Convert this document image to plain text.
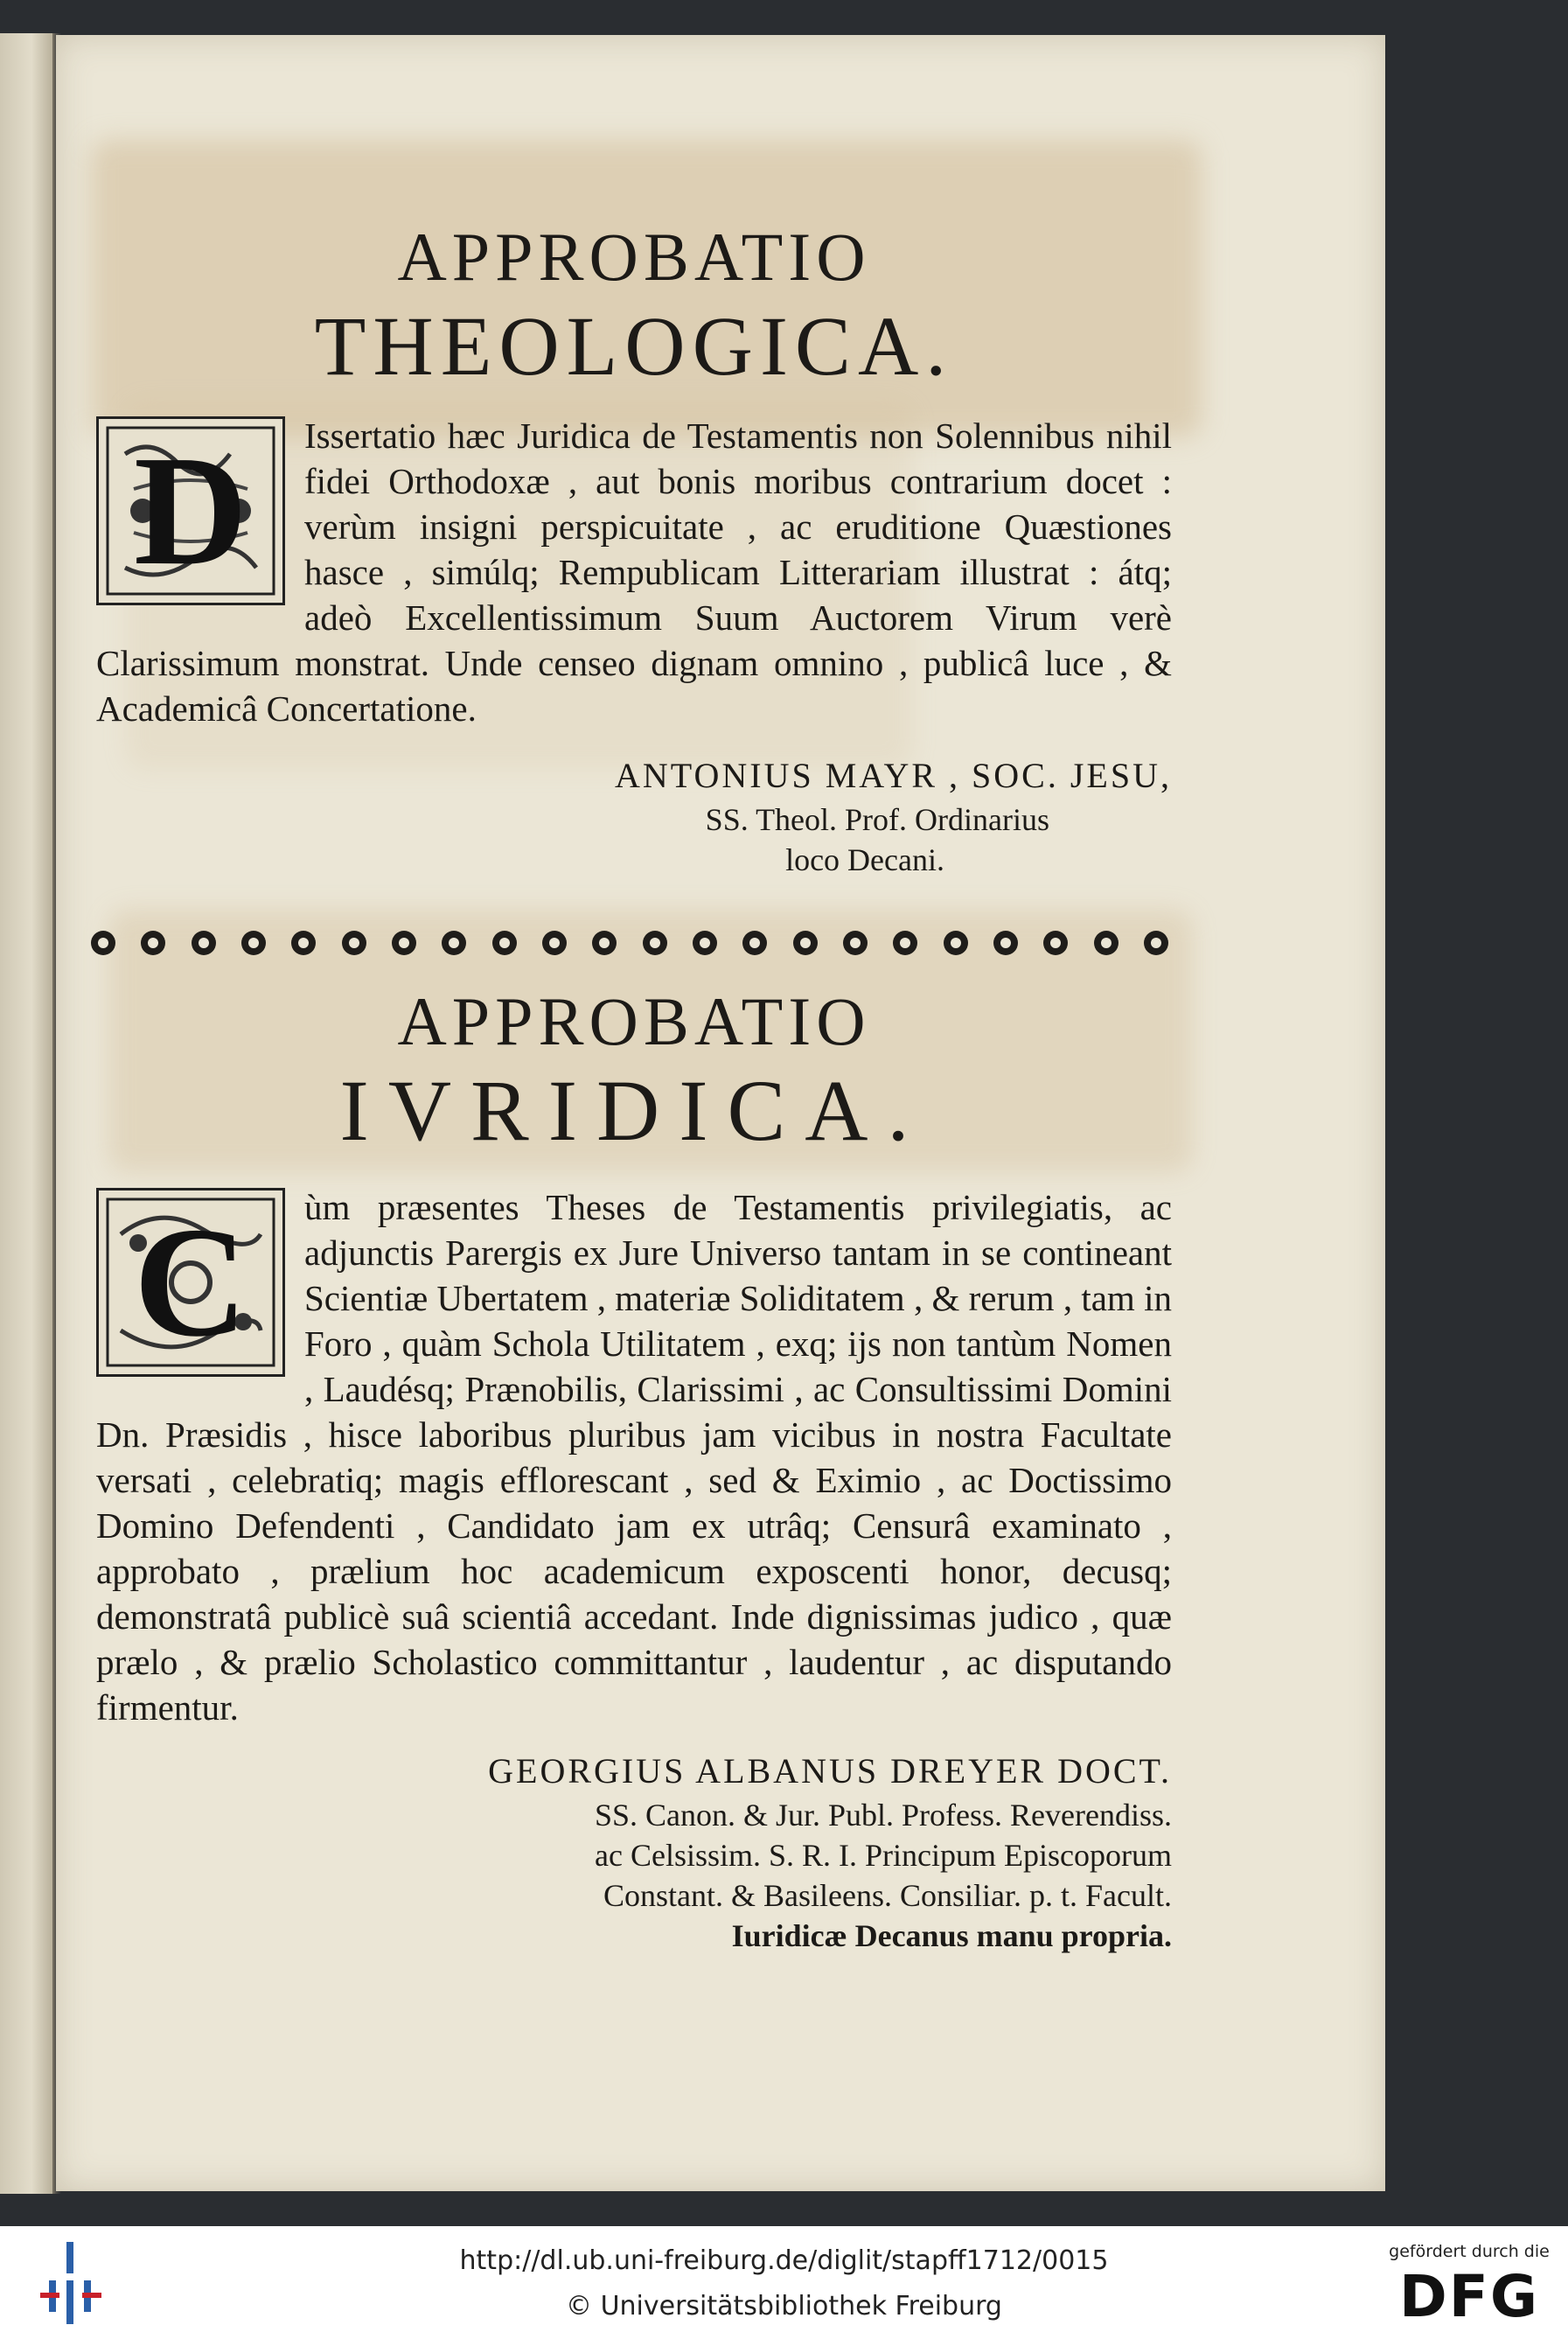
APPROBATIO

THEOLOGICA.

D	Issertatio hæc Juridica de Testamentis non Solennibus nihil fidei Orthodoxæ , aut bonis moribus contrarium docet : verùm insigni perspicuitate , ac eruditione Quæstiones hasce , simúlq; Rempublicam Litterariam illustrat : átq; adeò Excellentissimum Suum Auctorem Virum verè Clarissimum monstrat. Unde censeo dignam omnino , publicâ luce , & Academicâ Concertatione.

ANTONIUS MAYR , SOC. JESU,

SS. Theol. Prof. Ordinarius

loco Decani.

APPROBATIO

IVRIDICA.

C	ùm præsentes Theses de Testamentis privilegiatis, ac adjunctis Parergis ex Jure Universo tantam in se contineant Scientiæ Ubertatem , materiæ Soliditatem , & rerum , tam in Foro , quàm Schola Utilitatem , exq; ijs non tantùm Nomen , Laudésq; Prænobilis, Clarissimi , ac Consultissimi Domini Dn. Præsidis , hisce laboribus pluribus jam vicibus in nostra Facultate versati , celebratiq; magis efflorescant , sed & Eximio , ac Doctissimo Domino Defendenti , Candidato jam ex utrâq; Censurâ examinato , approbato , prælium hoc academicum exposcenti honor, decusq; demonstratâ publicè suâ scientiâ accedant. Inde dignissimas judico , quæ prælo , & prælio Scholastico committantur , laudentur , ac disputando firmentur.

GEORGIUS ALBANUS DREYER DOCT.

SS. Canon. & Jur. Publ. Profess. Reverendiss.

ac Celsissim. S. R. I. Principum Episcoporum

Constant. & Basileens. Consiliar. p. t. Facult.

Iuridicæ Decanus manu propria.

http://dl.ub.uni-freiburg.de/diglit/stapff1712/0015
© Universitätsbibliothek Freiburg
gefördert durch die
DFG
